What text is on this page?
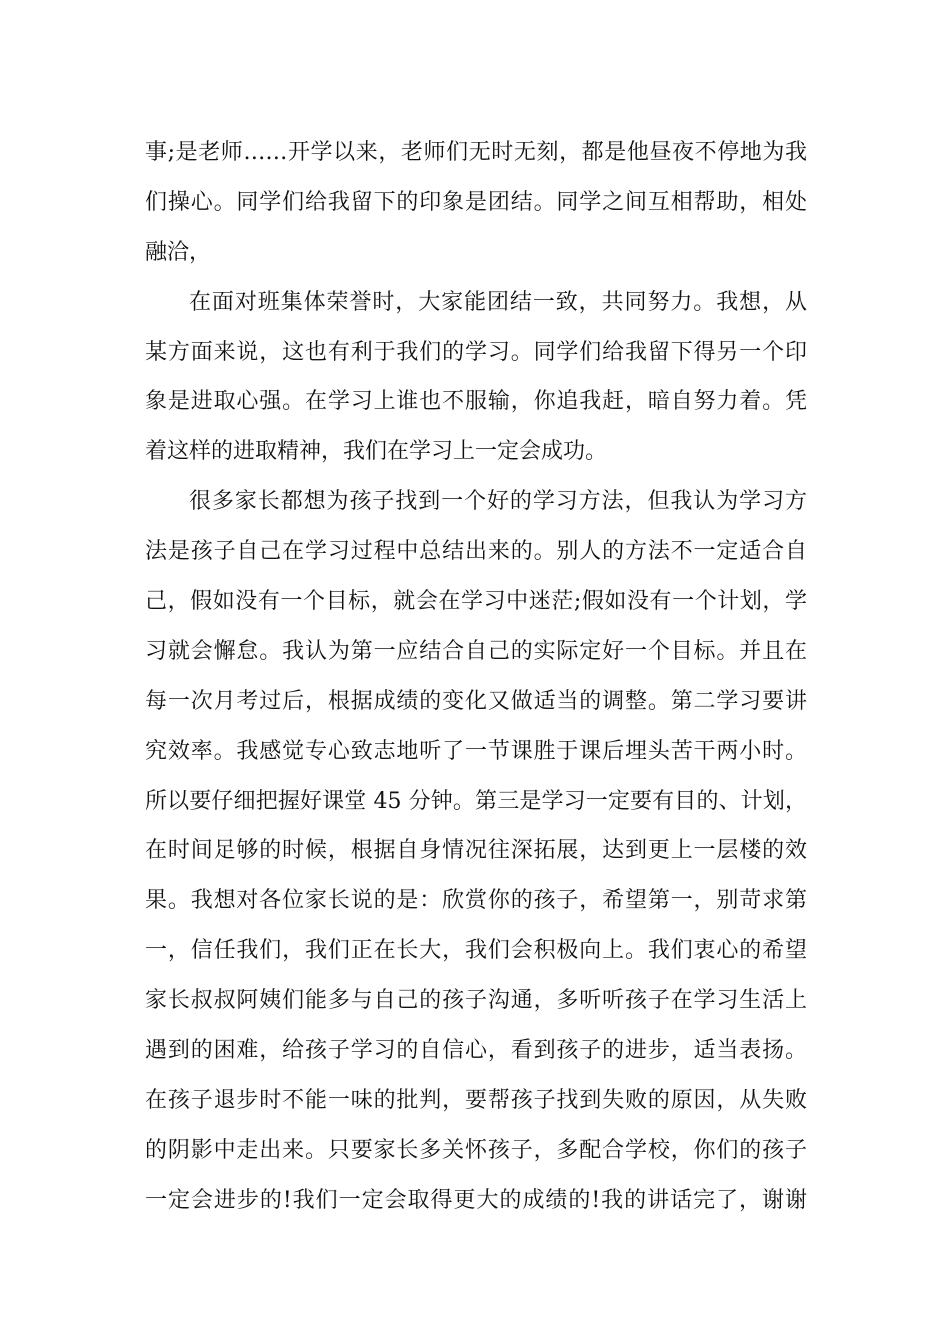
事;是老师……开学以来，老师们无时无刻，都是他昼夜不停地为我
们操心。同学们给我留下的印象是团结。同学之间互相帮助，相处
融洽，
在面对班集体荣誉时，大家能团结一致，共同努力。我想，从
某方面来说，这也有利于我们的学习。同学们给我留下得另一个印
象是进取心强。在学习上谁也不服输，你追我赶，暗自努力着。凭
着这样的进取精神，我们在学习上一定会成功。
很多家长都想为孩子找到一个好的学习方法，但我认为学习方
法是孩子自己在学习过程中总结出来的。别人的方法不一定适合自
己，假如没有一个目标，就会在学习中迷茫;假如没有一个计划，学
习就会懈怠。我认为第一应结合自己的实际定好一个目标。并且在
每一次月考过后，根据成绩的变化又做适当的调整。第二学习要讲
究效率。我感觉专心致志地听了一节课胜于课后埋头苦干两小时。
所以要仔细把握好课堂 45 分钟。第三是学习一定要有目的、计划，
在时间足够的时候，根据自身情况往深拓展，达到更上一层楼的效
果。我想对各位家长说的是：欣赏你的孩子，希望第一，别苛求第
一，信任我们，我们正在长大，我们会积极向上。我们衷心的希望
家长叔叔阿姨们能多与自己的孩子沟通，多听听孩子在学习生活上
遇到的困难，给孩子学习的自信心，看到孩子的进步，适当表扬。
在孩子退步时不能一味的批判，要帮孩子找到失败的原因，从失败
的阴影中走出来。只要家长多关怀孩子，多配合学校，你们的孩子
一定会进步的!我们一定会取得更大的成绩的!我的讲话完了，谢谢
